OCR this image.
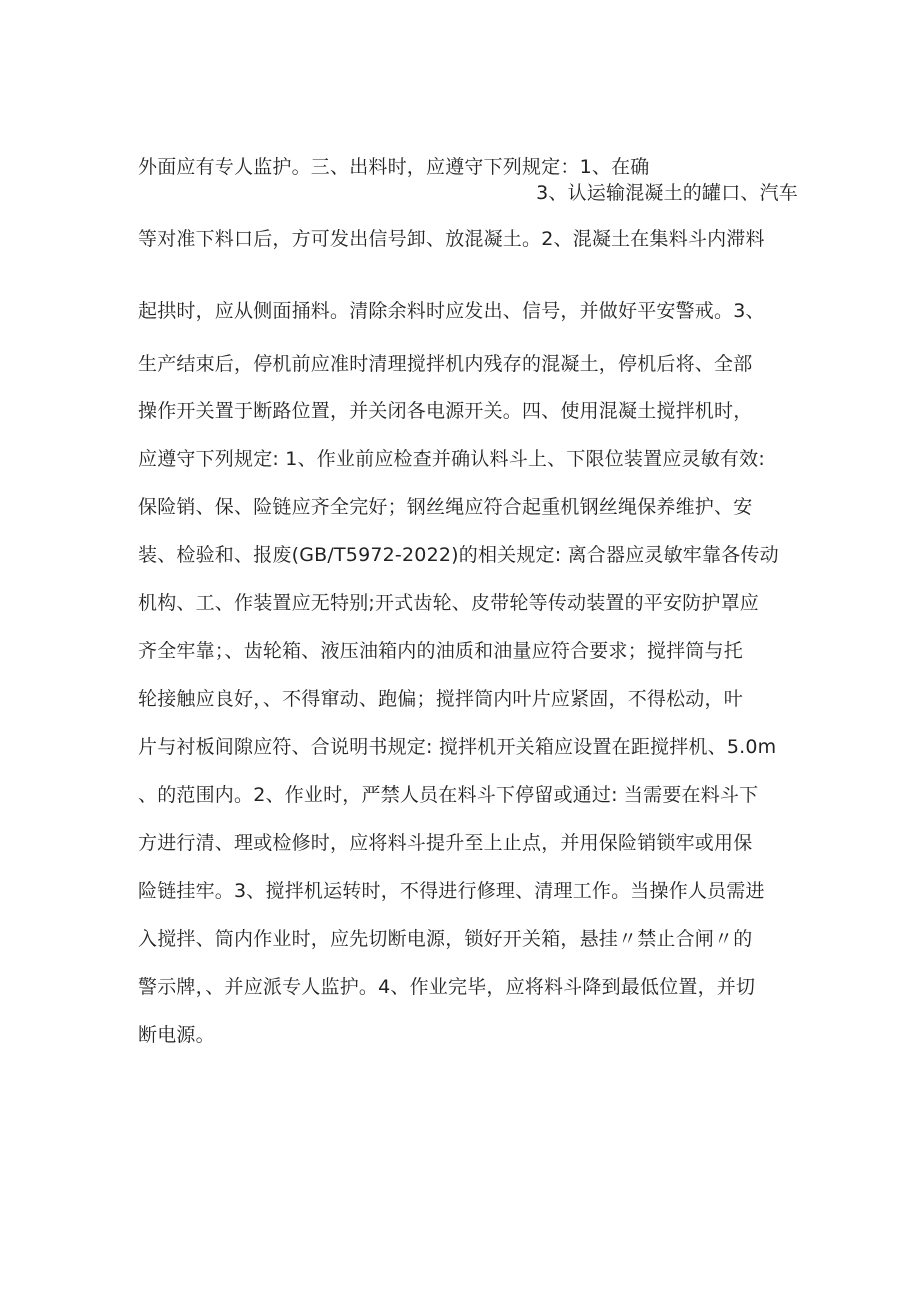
外面应有专人监护。三、出料时，应遵守下列规定：1、在确
3、认运输混凝土的罐口、汽车
等对准下料口后，方可发出信号卸、放混凝土。2、混凝土在集料斗内滞料
起拱时，应从侧面捅料。清除余料时应发出、信号，并做好平安警戒。3、
生产结束后，停机前应准时清理搅拌机内残存的混凝土，停机后将、全部
操作开关置于断路位置，并关闭各电源开关。四、使用混凝土搅拌机时，
应遵守下列规定: 1、作业前应检查并确认料斗上、下限位装置应灵敏有效:
保险销、保、险链应齐全完好；钢丝绳应符合起重机钢丝绳保养维护、安
装、检验和、报废(GB/T5972-2022)的相关规定: 离合器应灵敏牢靠各传动
机构、工、作装置应无特别;开式齿轮、皮带轮等传动装置的平安防护罩应
齐全牢靠；、齿轮箱、液压油箱内的油质和油量应符合要求；搅拌筒与托
轮接触应良好，、不得窜动、跑偏；搅拌筒内叶片应紧固，不得松动，叶
片与衬板间隙应符、合说明书规定: 搅拌机开关箱应设置在距搅拌机、5.0m
、的范围内。2、作业时，严禁人员在料斗下停留或通过: 当需要在料斗下
方进行清、理或检修时，应将料斗提升至上止点，并用保险销锁牢或用保
险链挂牢。3、搅拌机运转时，不得进行修理、清理工作。当操作人员需进
入搅拌、筒内作业时，应先切断电源，锁好开关箱，悬挂〃禁止合闸〃的
警示牌，、并应派专人监护。4、作业完毕，应将料斗降到最低位置，并切
断电源。
